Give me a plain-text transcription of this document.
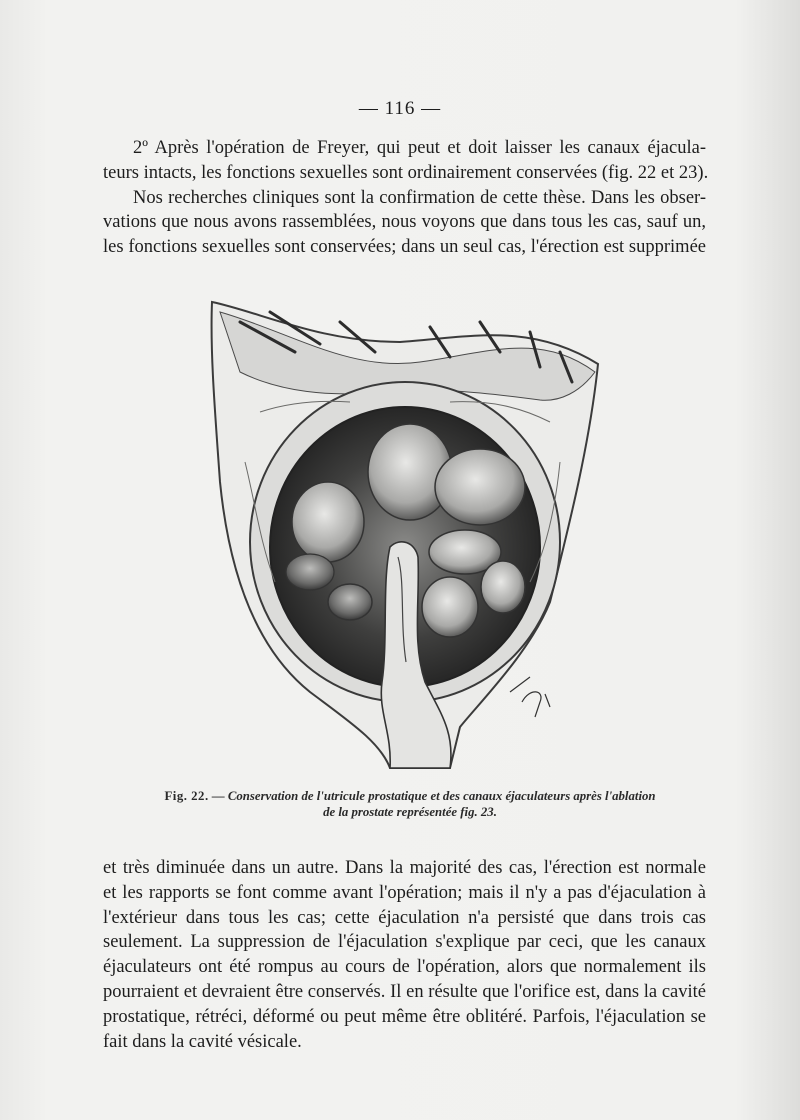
— 116 —
2º Après l'opération de Freyer, qui peut et doit laisser les canaux éjacula-
teurs intacts, les fonctions sexuelles sont ordinairement conservées (fig. 22 et 23).
Nos recherches cliniques sont la confirmation de cette thèse. Dans les obser-
vations que nous avons rassemblées, nous voyons que dans tous les cas, sauf un,
les fonctions sexuelles sont conservées; dans un seul cas, l'érection est supprimée
Fig. 22. — Conservation de l'utricule prostatique et des canaux éjaculateurs après l'ablation
de la prostate représentée fig. 23.
et très diminuée dans un autre. Dans la majorité des cas, l'érection est normale
et les rapports se font comme avant l'opération; mais il n'y a pas d'éjaculation à
l'extérieur dans tous les cas; cette éjaculation n'a persisté que dans trois cas
seulement. La suppression de l'éjaculation s'explique par ceci, que les canaux
éjaculateurs ont été rompus au cours de l'opération, alors que normalement ils
pourraient et devraient être conservés. Il en résulte que l'orifice est, dans la cavité
prostatique, rétréci, déformé ou peut même être oblitéré. Parfois, l'éjaculation se
fait dans la cavité vésicale.
